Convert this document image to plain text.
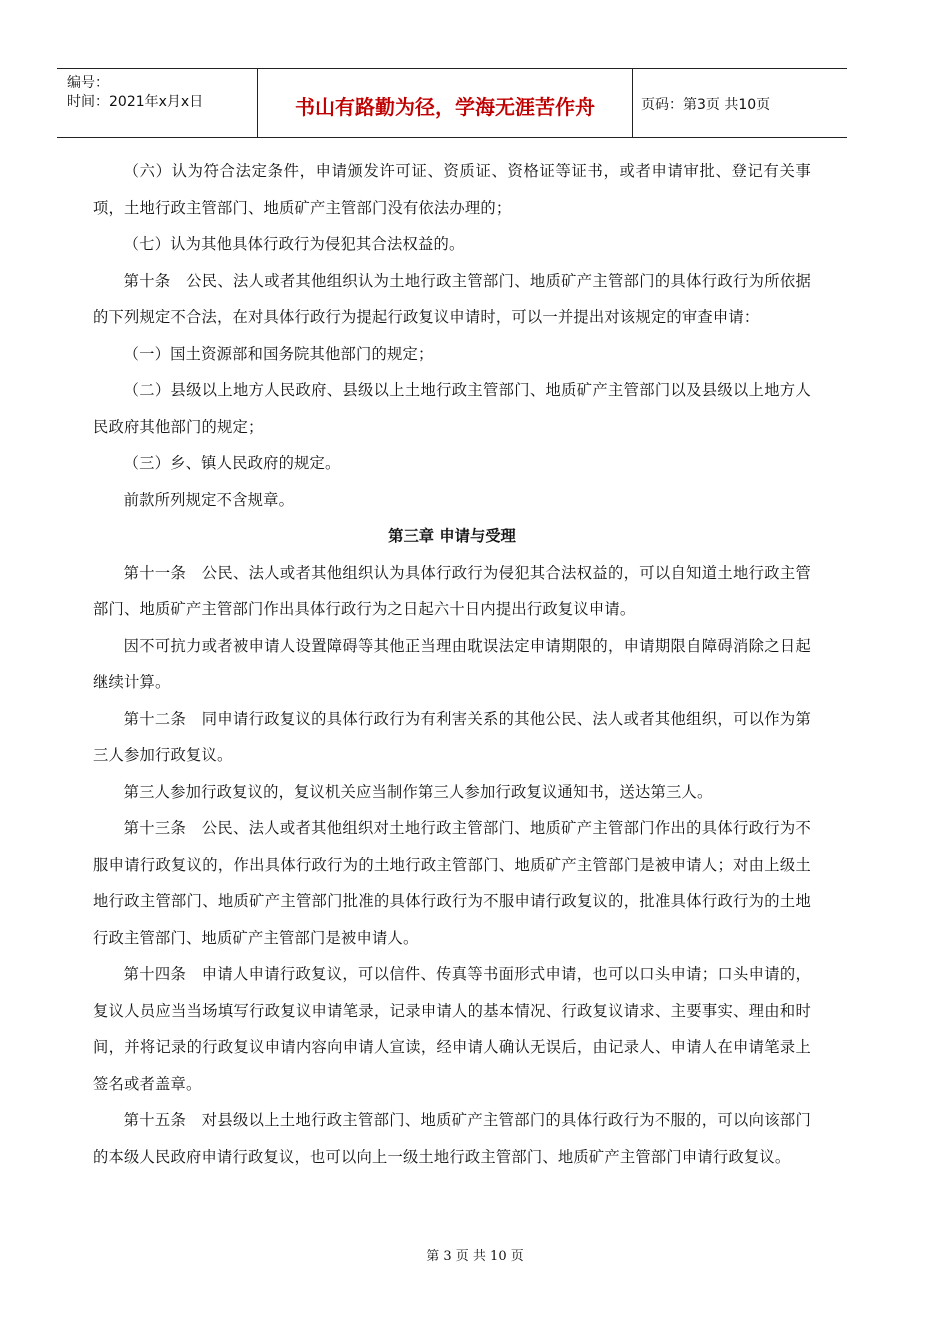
编号：
时间：2021年x月x日	书山有路勤为径，学海无涯苦作舟	页码：第3页 共10页

（六）认为符合法定条件，申请颁发许可证、资质证、资格证等证书，或者申请审批、登记有关事项，土地行政主管部门、地质矿产主管部门没有依法办理的；

（七）认为其他具体行政行为侵犯其合法权益的。

第十条　公民、法人或者其他组织认为土地行政主管部门、地质矿产主管部门的具体行政行为所依据的下列规定不合法，在对具体行政行为提起行政复议申请时，可以一并提出对该规定的审查申请：

（一）国土资源部和国务院其他部门的规定；

（二）县级以上地方人民政府、县级以上土地行政主管部门、地质矿产主管部门以及县级以上地方人民政府其他部门的规定；

（三）乡、镇人民政府的规定。

前款所列规定不含规章。

第三章 申请与受理

第十一条　公民、法人或者其他组织认为具体行政行为侵犯其合法权益的，可以自知道土地行政主管部门、地质矿产主管部门作出具体行政行为之日起六十日内提出行政复议申请。

因不可抗力或者被申请人设置障碍等其他正当理由耽误法定申请期限的，申请期限自障碍消除之日起继续计算。

第十二条　同申请行政复议的具体行政行为有利害关系的其他公民、法人或者其他组织，可以作为第三人参加行政复议。

第三人参加行政复议的，复议机关应当制作第三人参加行政复议通知书，送达第三人。

第十三条　公民、法人或者其他组织对土地行政主管部门、地质矿产主管部门作出的具体行政行为不服申请行政复议的，作出具体行政行为的土地行政主管部门、地质矿产主管部门是被申请人；对由上级土地行政主管部门、地质矿产主管部门批准的具体行政行为不服申请行政复议的，批准具体行政行为的土地行政主管部门、地质矿产主管部门是被申请人。

第十四条　申请人申请行政复议，可以信件、传真等书面形式申请，也可以口头申请；口头申请的，复议人员应当当场填写行政复议申请笔录，记录申请人的基本情况、行政复议请求、主要事实、理由和时间，并将记录的行政复议申请内容向申请人宣读，经申请人确认无误后，由记录人、申请人在申请笔录上签名或者盖章。

第十五条　对县级以上土地行政主管部门、地质矿产主管部门的具体行政行为不服的，可以向该部门的本级人民政府申请行政复议，也可以向上一级土地行政主管部门、地质矿产主管部门申请行政复议。

第 3 页 共 10 页
